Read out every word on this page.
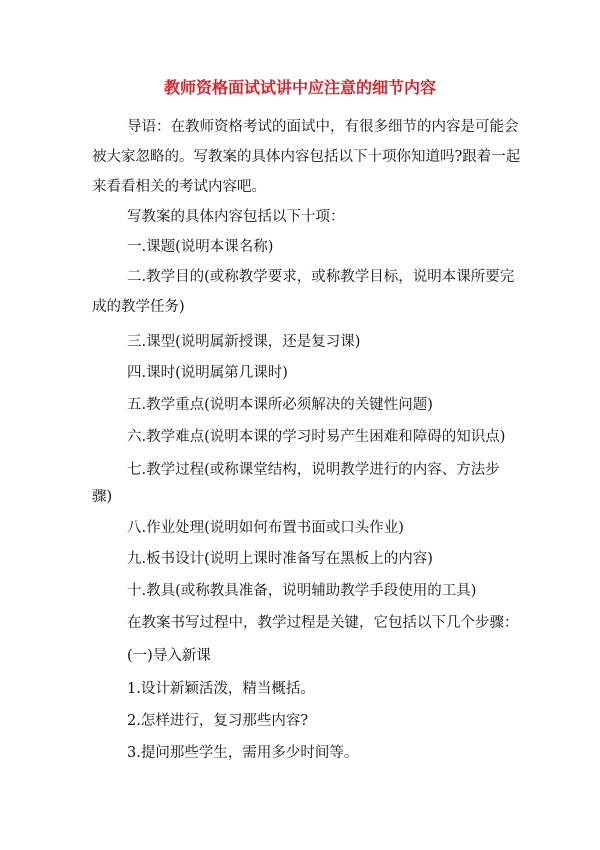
教师资格面试试讲中应注意的细节内容
导语：在教师资格考试的面试中，有很多细节的内容是可能会
被大家忽略的。写教案的具体内容包括以下十项你知道吗?跟着一起
来看看相关的考试内容吧。
写教案的具体内容包括以下十项：
一.课题(说明本课名称)
二.教学目的(或称教学要求，或称教学目标，说明本课所要完
成的教学任务)
三.课型(说明属新授课，还是复习课)
四.课时(说明属第几课时)
五.教学重点(说明本课所必须解决的关键性问题)
六.教学难点(说明本课的学习时易产生困难和障碍的知识点)
七.教学过程(或称课堂结构，说明教学进行的内容、方法步
骤)
八.作业处理(说明如何布置书面或口头作业)
九.板书设计(说明上课时准备写在黑板上的内容)
十.教具(或称教具准备，说明辅助教学手段使用的工具)
在教案书写过程中，教学过程是关键，它包括以下几个步骤：
(一)导入新课
1.设计新颖活泼，精当概括。
2.怎样进行，复习那些内容?
3.提问那些学生，需用多少时间等。
